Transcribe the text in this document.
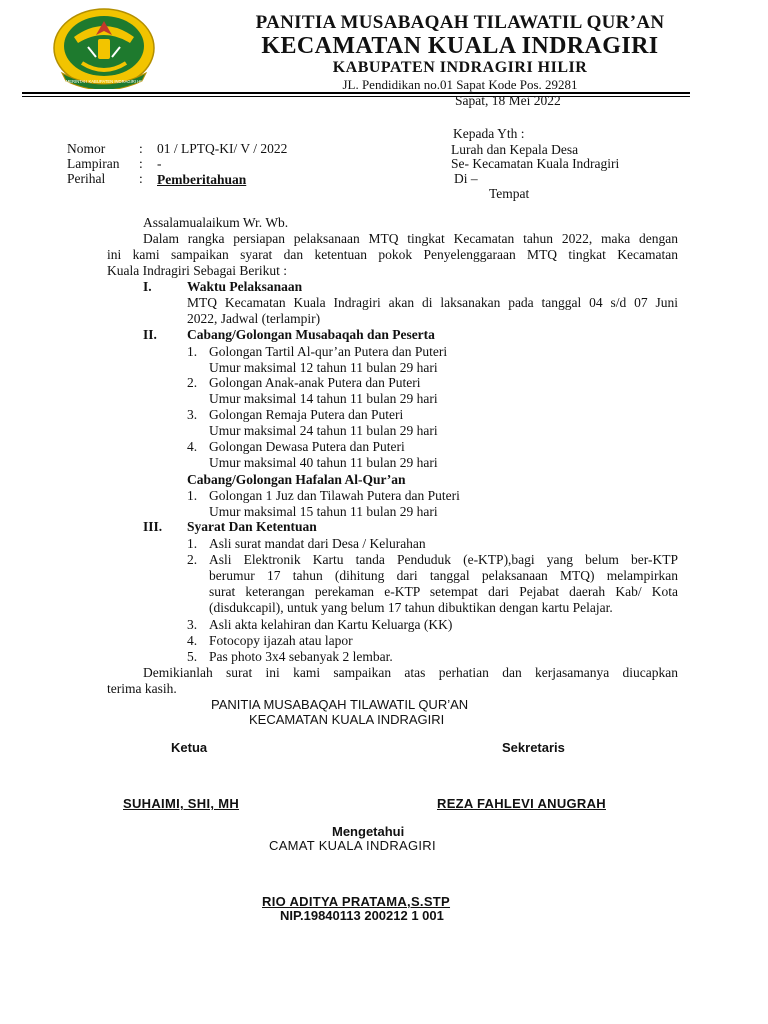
PEMERINTAH KABUPATEN INDRAGIRI HILIR
PANITIA MUSABAQAH TILAWATIL QUR’AN
KECAMATAN KUALA INDRAGIRI
KABUPATEN INDRAGIRI HILIR
JL. Pendidikan no.01 Sapat Kode Pos. 29281
Sapat, 18 Mei 2022
Kepada Yth :
Lurah dan Kepala Desa
Se- Kecamatan Kuala Indragiri
Di –
Tempat
Nomor	: 01 / LPTQ-KI/ V / 2022
Lampiran : -
Perihal	: Pemberitahuan
Assalamualaikum Wr. Wb.
Dalam rangka persiapan pelaksanaan MTQ tingkat Kecamatan tahun 2022, maka dengan
ini kami sampaikan syarat dan ketentuan pokok Penyelenggaraan MTQ tingkat Kecamatan
Kuala Indragiri Sebagai Berikut :
I.	Waktu Pelaksanaan
MTQ Kecamatan Kuala Indragiri akan di laksanakan pada tanggal 04 s/d 07 Juni
2022, Jadwal (terlampir)
II. Cabang/Golongan Musabaqah dan Peserta
1. Golongan Tartil Al-qur’an Putera dan Puteri
Umur maksimal 12 tahun 11 bulan 29 hari
2. Golongan Anak-anak Putera dan Puteri
Umur maksimal 14 tahun 11 bulan 29 hari
3. Golongan Remaja Putera dan Puteri
Umur maksimal 24 tahun 11 bulan 29 hari
4. Golongan Dewasa Putera dan Puteri
Umur maksimal 40 tahun 11 bulan 29 hari
Cabang/Golongan Hafalan Al-Qur’an
1. Golongan 1 Juz dan Tilawah Putera dan Puteri
Umur maksimal 15 tahun 11 bulan 29 hari
III. Syarat Dan Ketentuan
1. Asli surat mandat dari Desa / Kelurahan
2. Asli Elektronik Kartu tanda Penduduk (e-KTP),bagi yang belum ber-KTP
berumur 17 tahun (dihitung dari tanggal pelaksanaan MTQ) melampirkan
surat keterangan perekaman e-KTP setempat dari Pejabat daerah Kab/ Kota
(disdukcapil), untuk yang belum 17 tahun dibuktikan dengan kartu Pelajar.
3. Asli akta kelahiran dan Kartu Keluarga (KK)
4. Fotocopy ijazah atau lapor
5. Pas photo 3x4 sebanyak 2 lembar.
Demikianlah surat ini kami sampaikan atas perhatian dan kerjasamanya diucapkan
terima kasih.
PANITIA MUSABAQAH TILAWATIL QUR’AN
KECAMATAN KUALA INDRAGIRI
Ketua	Sekretaris
SUHAIMI, SHI, MH	REZA FAHLEVI ANUGRAH
Mengetahui
CAMAT KUALA INDRAGIRI
RIO ADITYA PRATAMA,S.STP
NIP.19840113 200212 1 001
